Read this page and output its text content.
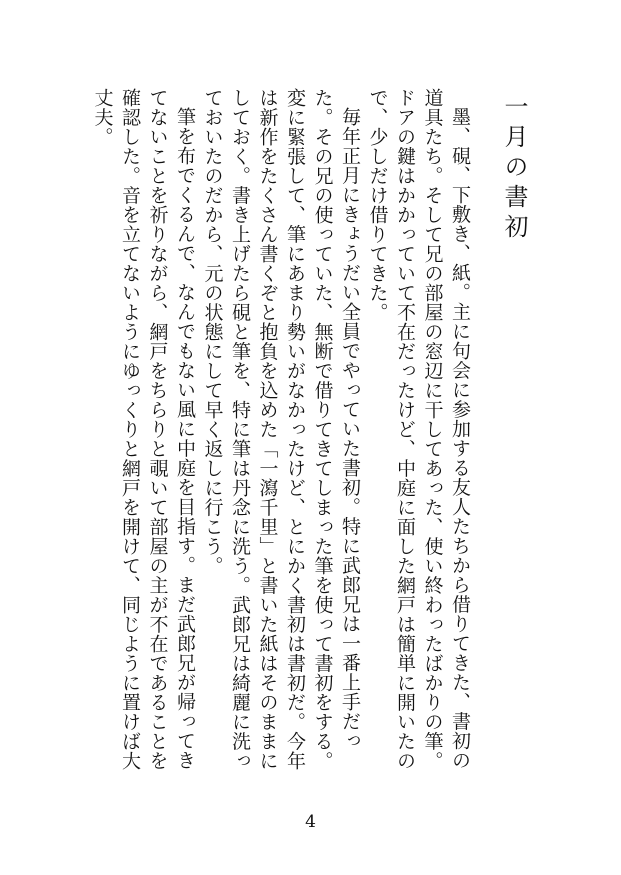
一月の書初

墨、硯、下敷き、紙。主に句会に参加する友人たちから借りてきた、書初の道具たち。そして兄の部屋の窓辺に干してあった、使い終わったばかりの筆。ドアの鍵はかかっていて不在だったけど、中庭に面した網戸は簡単に開いたので、少しだけ借りてきた。

毎年正月にきょうだい全員でやっていた書初。特に武郎兄は一番上手だった。その兄の使っていた、無断で借りてきてしまった筆を使って書初をする。変に緊張して、筆にあまり勢いがなかったけど、とにかく書初は書初だ。今年は新作をたくさん書くぞと抱負を込めた「一瀉千里」と書いた紙はそのままにしておく。書き上げたら硯と筆を、特に筆は丹念に洗う。武郎兄は綺麗に洗っておいたのだから、元の状態にして早く返しに行こう。

筆を布でくるんで、なんでもない風に中庭を目指す。まだ武郎兄が帰ってきてないことを祈りながら、網戸をちらりと覗いて部屋の主が不在であることを確認した。音を立てないようにゆっくりと網戸を開けて、同じように置けば大丈夫。

4
